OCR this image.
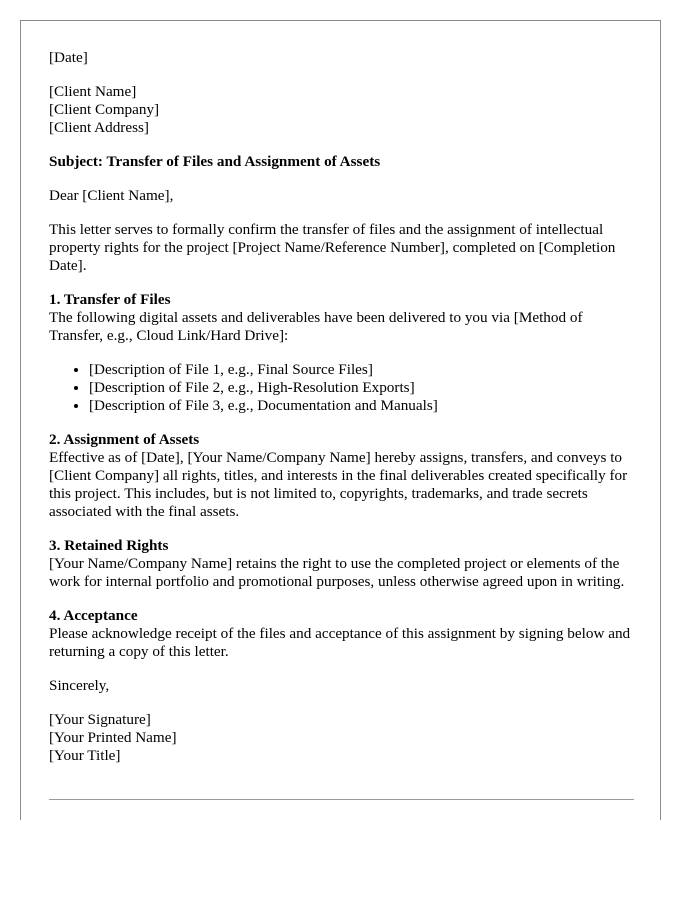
[Date]
[Client Name]
[Client Company]
[Client Address]
Subject: Transfer of Files and Assignment of Assets
Dear [Client Name],

This letter serves to formally confirm the transfer of files and the assignment of intellectual property rights for the project [Project Name/Reference Number], completed on [Completion Date].

1. Transfer of Files

The following digital assets and deliverables have been delivered to you via [Method of Transfer, e.g., Cloud Link/Hard Drive]:

• [Description of File 1, e.g., Final Source Files]
• [Description of File 2, e.g., High-Resolution Exports]
• [Description of File 3, e.g., Documentation and Manuals]
2. Assignment of Assets

Effective as of [Date], [Your Name/Company Name] hereby assigns, transfers, and conveys to [Client Company] all rights, titles, and interests in the final deliverables created specifically for this project. This includes, but is not limited to, copyrights, trademarks, and trade secrets associated with the final assets.

3. Retained Rights

[Your Name/Company Name] retains the right to use the completed project or elements of the work for internal portfolio and promotional purposes, unless otherwise agreed upon in writing.

4. Acceptance

Please acknowledge receipt of the files and acceptance of this assignment by signing below and returning a copy of this letter.

Sincerely,
[Your Signature]
[Your Printed Name]
[Your Title]
